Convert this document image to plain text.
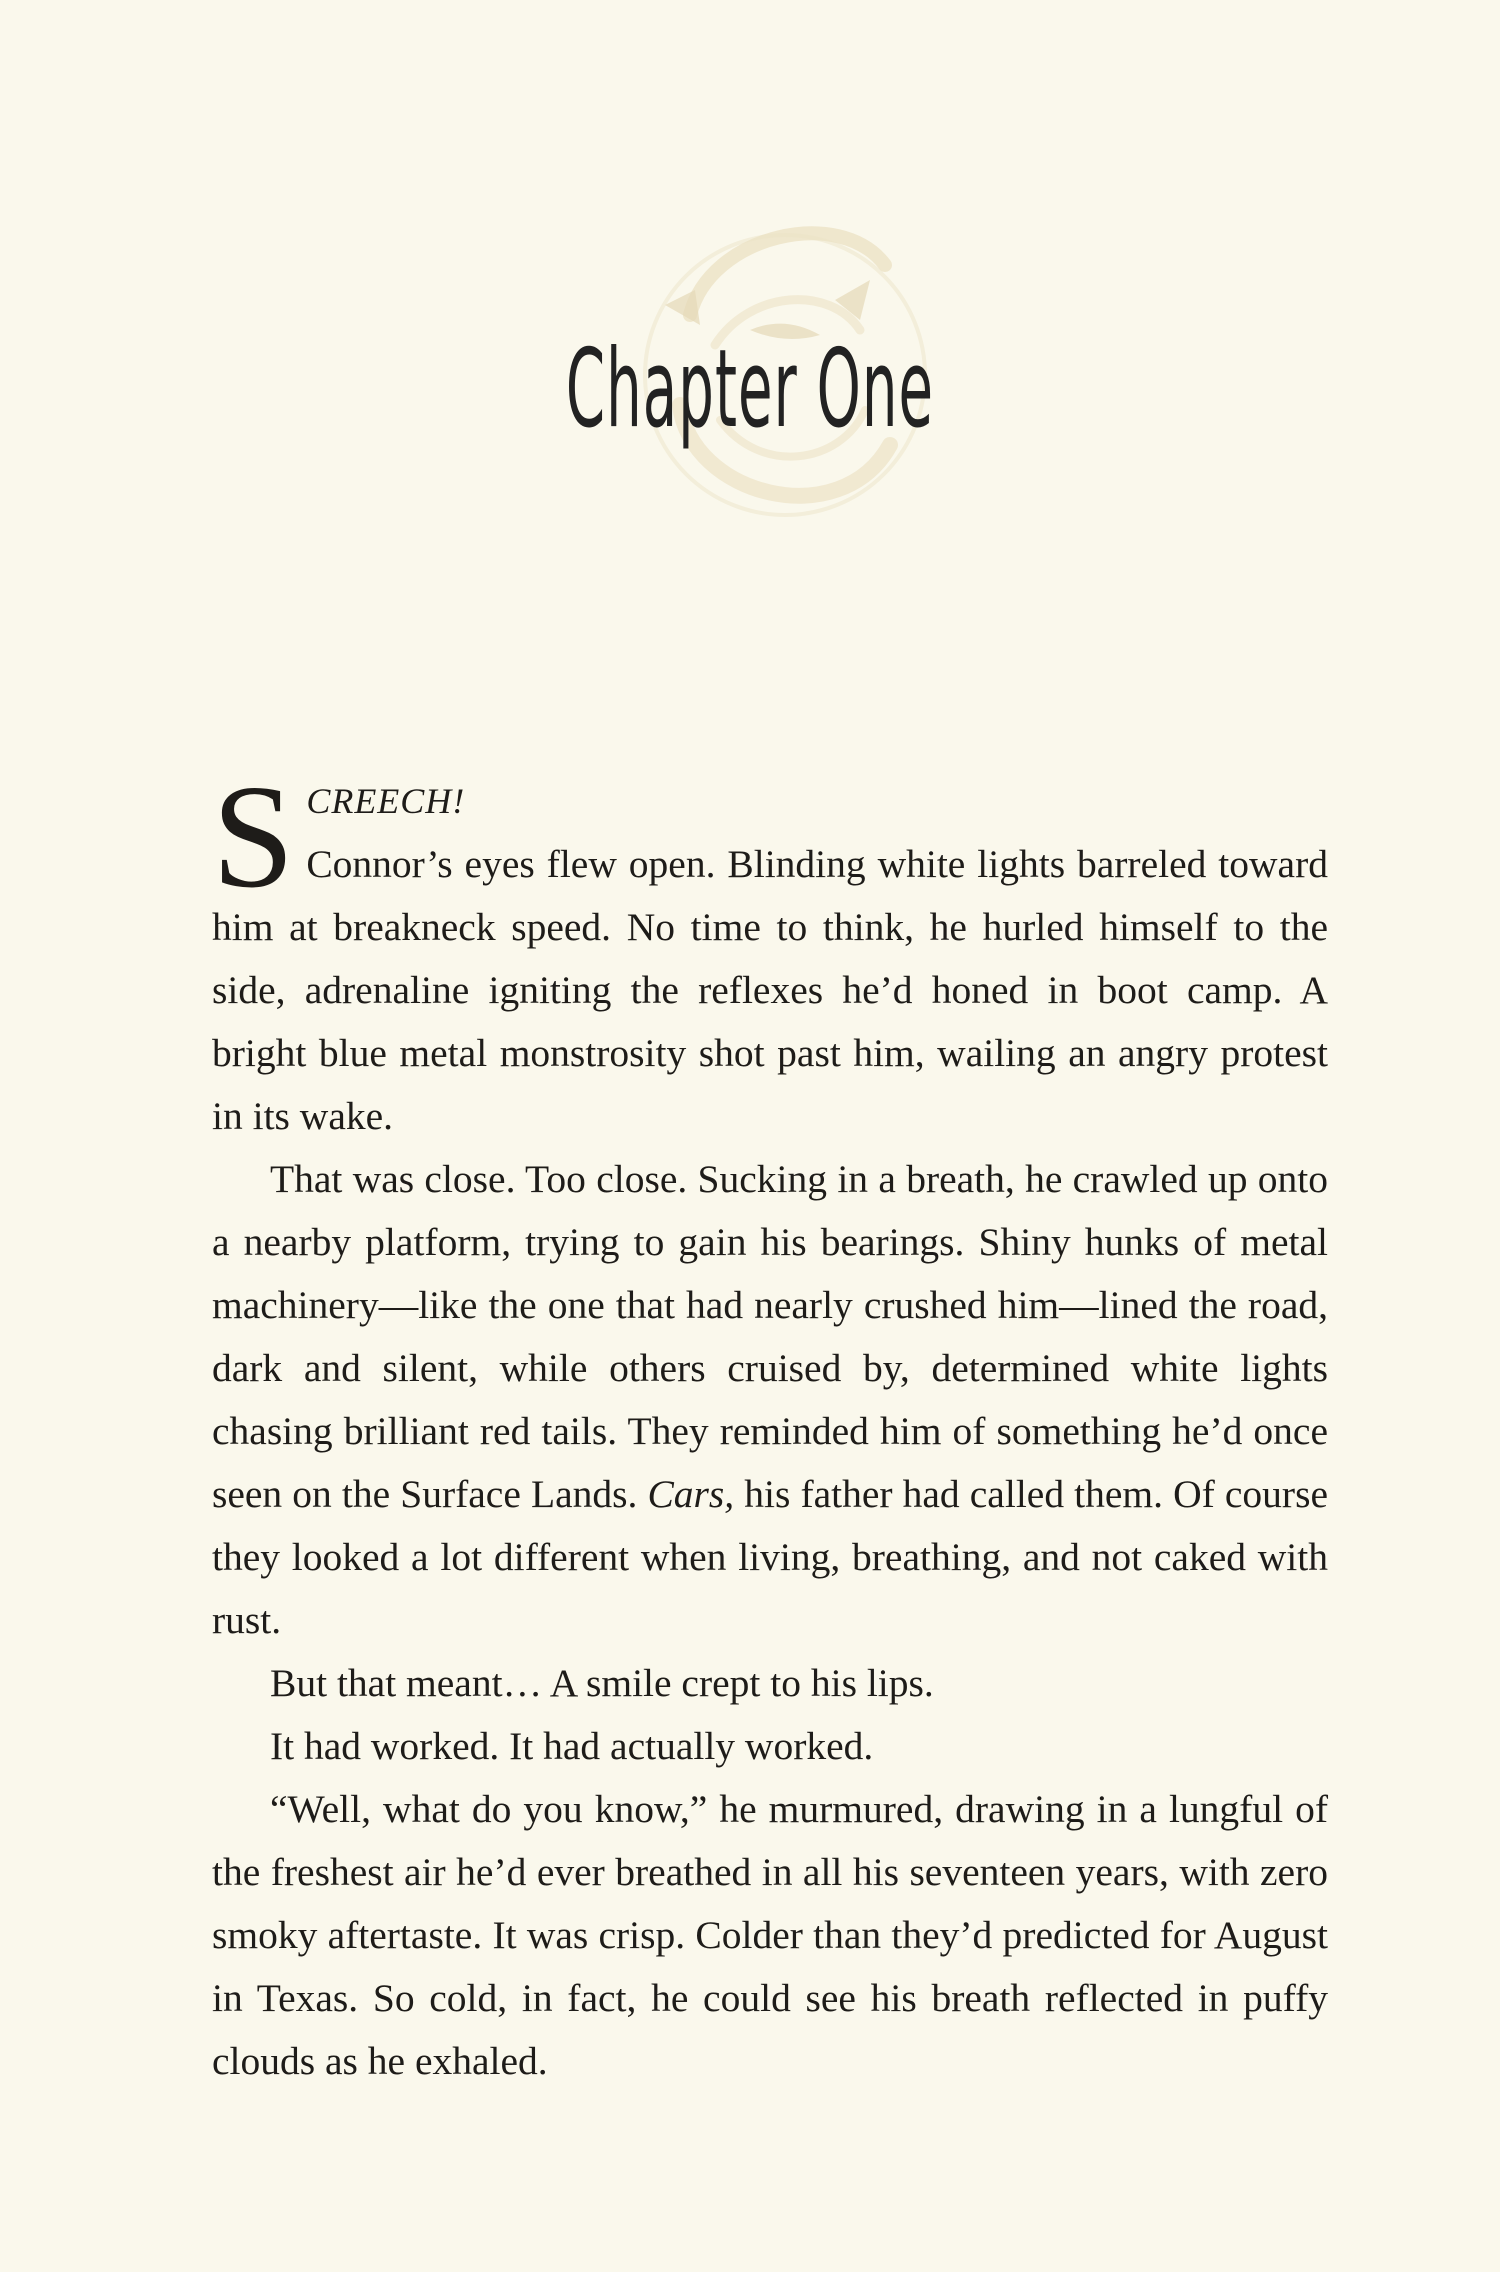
Chapter One

S CREECH!
Connor’s eyes flew open. Blinding white lights barreled toward him at breakneck speed. No time to think, he hurled himself to the side, adrenaline igniting the reflexes he’d honed in boot camp. A bright blue metal monstrosity shot past him, wailing an angry protest in its wake.

That was close. Too close. Sucking in a breath, he crawled up onto a nearby platform, trying to gain his bearings. Shiny hunks of metal machinery—like the one that had nearly crushed him—lined the road, dark and silent, while others cruised by, determined white lights chasing brilliant red tails. They reminded him of something he’d once seen on the Surface Lands. Cars, his father had called them. Of course they looked a lot different when living, breathing, and not caked with rust.

But that meant… A smile crept to his lips.

It had worked. It had actually worked.

“Well, what do you know,” he murmured, drawing in a lungful of the freshest air he’d ever breathed in all his seventeen years, with zero smoky aftertaste. It was crisp. Colder than they’d predicted for August in Texas. So cold, in fact, he could see his breath reflected in puffy clouds as he exhaled.
